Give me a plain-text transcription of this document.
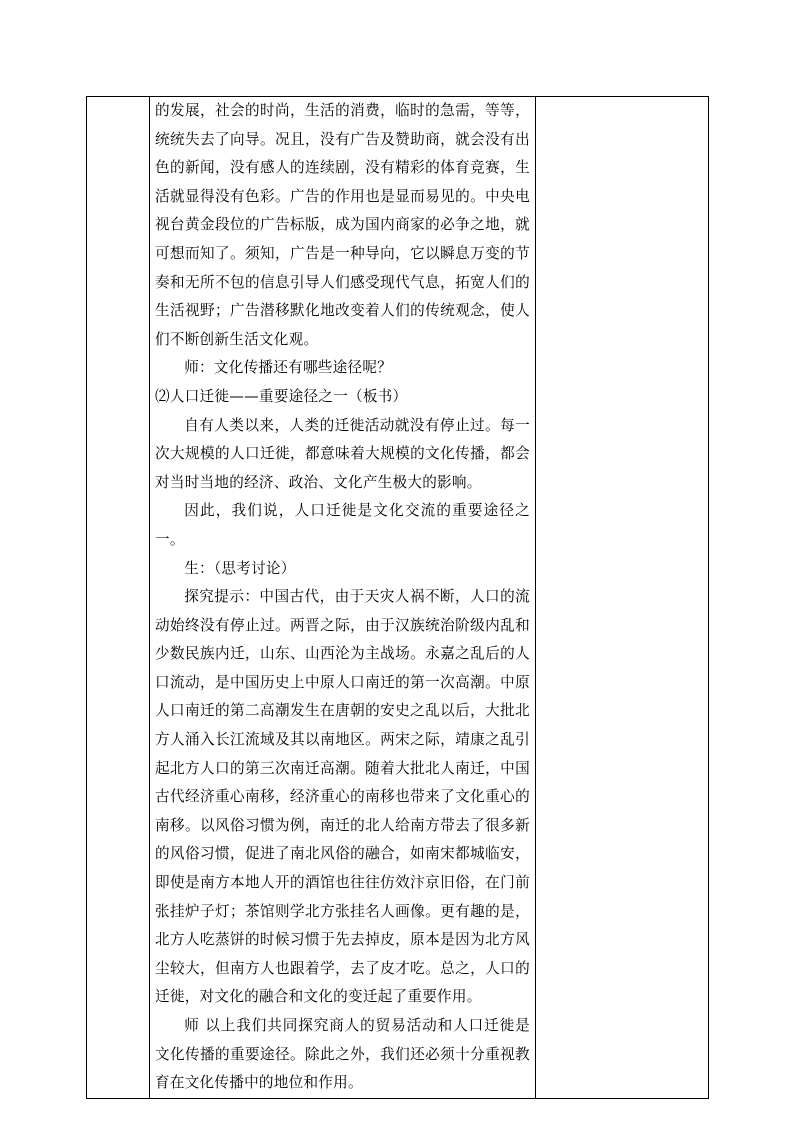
的发展，社会的时尚，生活的消费，临时的急需，等等，统统失去了向导。况且，没有广告及赞助商，就会没有出色的新闻，没有感人的连续剧，没有精彩的体育竞赛，生活就显得没有色彩。广告的作用也是显而易见的。中央电视台黄金段位的广告标版，成为国内商家的必争之地，就可想而知了。须知，广告是一种导向，它以瞬息万变的节奏和无所不包的信息引导人们感受现代气息，拓宽人们的生活视野；广告潜移默化地改变着人们的传统观念，使人们不断创新生活文化观。

师：文化传播还有哪些途径呢？

⑵人口迁徙——重要途径之一（板书）

自有人类以来，人类的迁徙活动就没有停止过。每一次大规模的人口迁徙，都意味着大规模的文化传播，都会对当时当地的经济、政治、文化产生极大的影响。

因此，我们说，人口迁徙是文化交流的重要途径之一。

生：（思考讨论）

探究提示：中国古代，由于天灾人祸不断，人口的流动始终没有停止过。两晋之际，由于汉族统治阶级内乱和少数民族内迁，山东、山西沦为主战场。永嘉之乱后的人口流动，是中国历史上中原人口南迁的第一次高潮。中原人口南迁的第二高潮发生在唐朝的安史之乱以后，大批北方人涌入长江流域及其以南地区。两宋之际，靖康之乱引起北方人口的第三次南迁高潮。随着大批北人南迁，中国古代经济重心南移，经济重心的南移也带来了文化重心的南移。以风俗习惯为例，南迁的北人给南方带去了很多新的风俗习惯，促进了南北风俗的融合，如南宋都城临安，即使是南方本地人开的酒馆也往往仿效汴京旧俗，在门前张挂炉子灯；茶馆则学北方张挂名人画像。更有趣的是，北方人吃蒸饼的时候习惯于先去掉皮，原本是因为北方风尘较大，但南方人也跟着学，去了皮才吃。总之，人口的迁徙，对文化的融合和文化的变迁起了重要作用。

师 以上我们共同探究商人的贸易活动和人口迁徙是文化传播的重要途径。除此之外，我们还必须十分重视教育在文化传播中的地位和作用。
